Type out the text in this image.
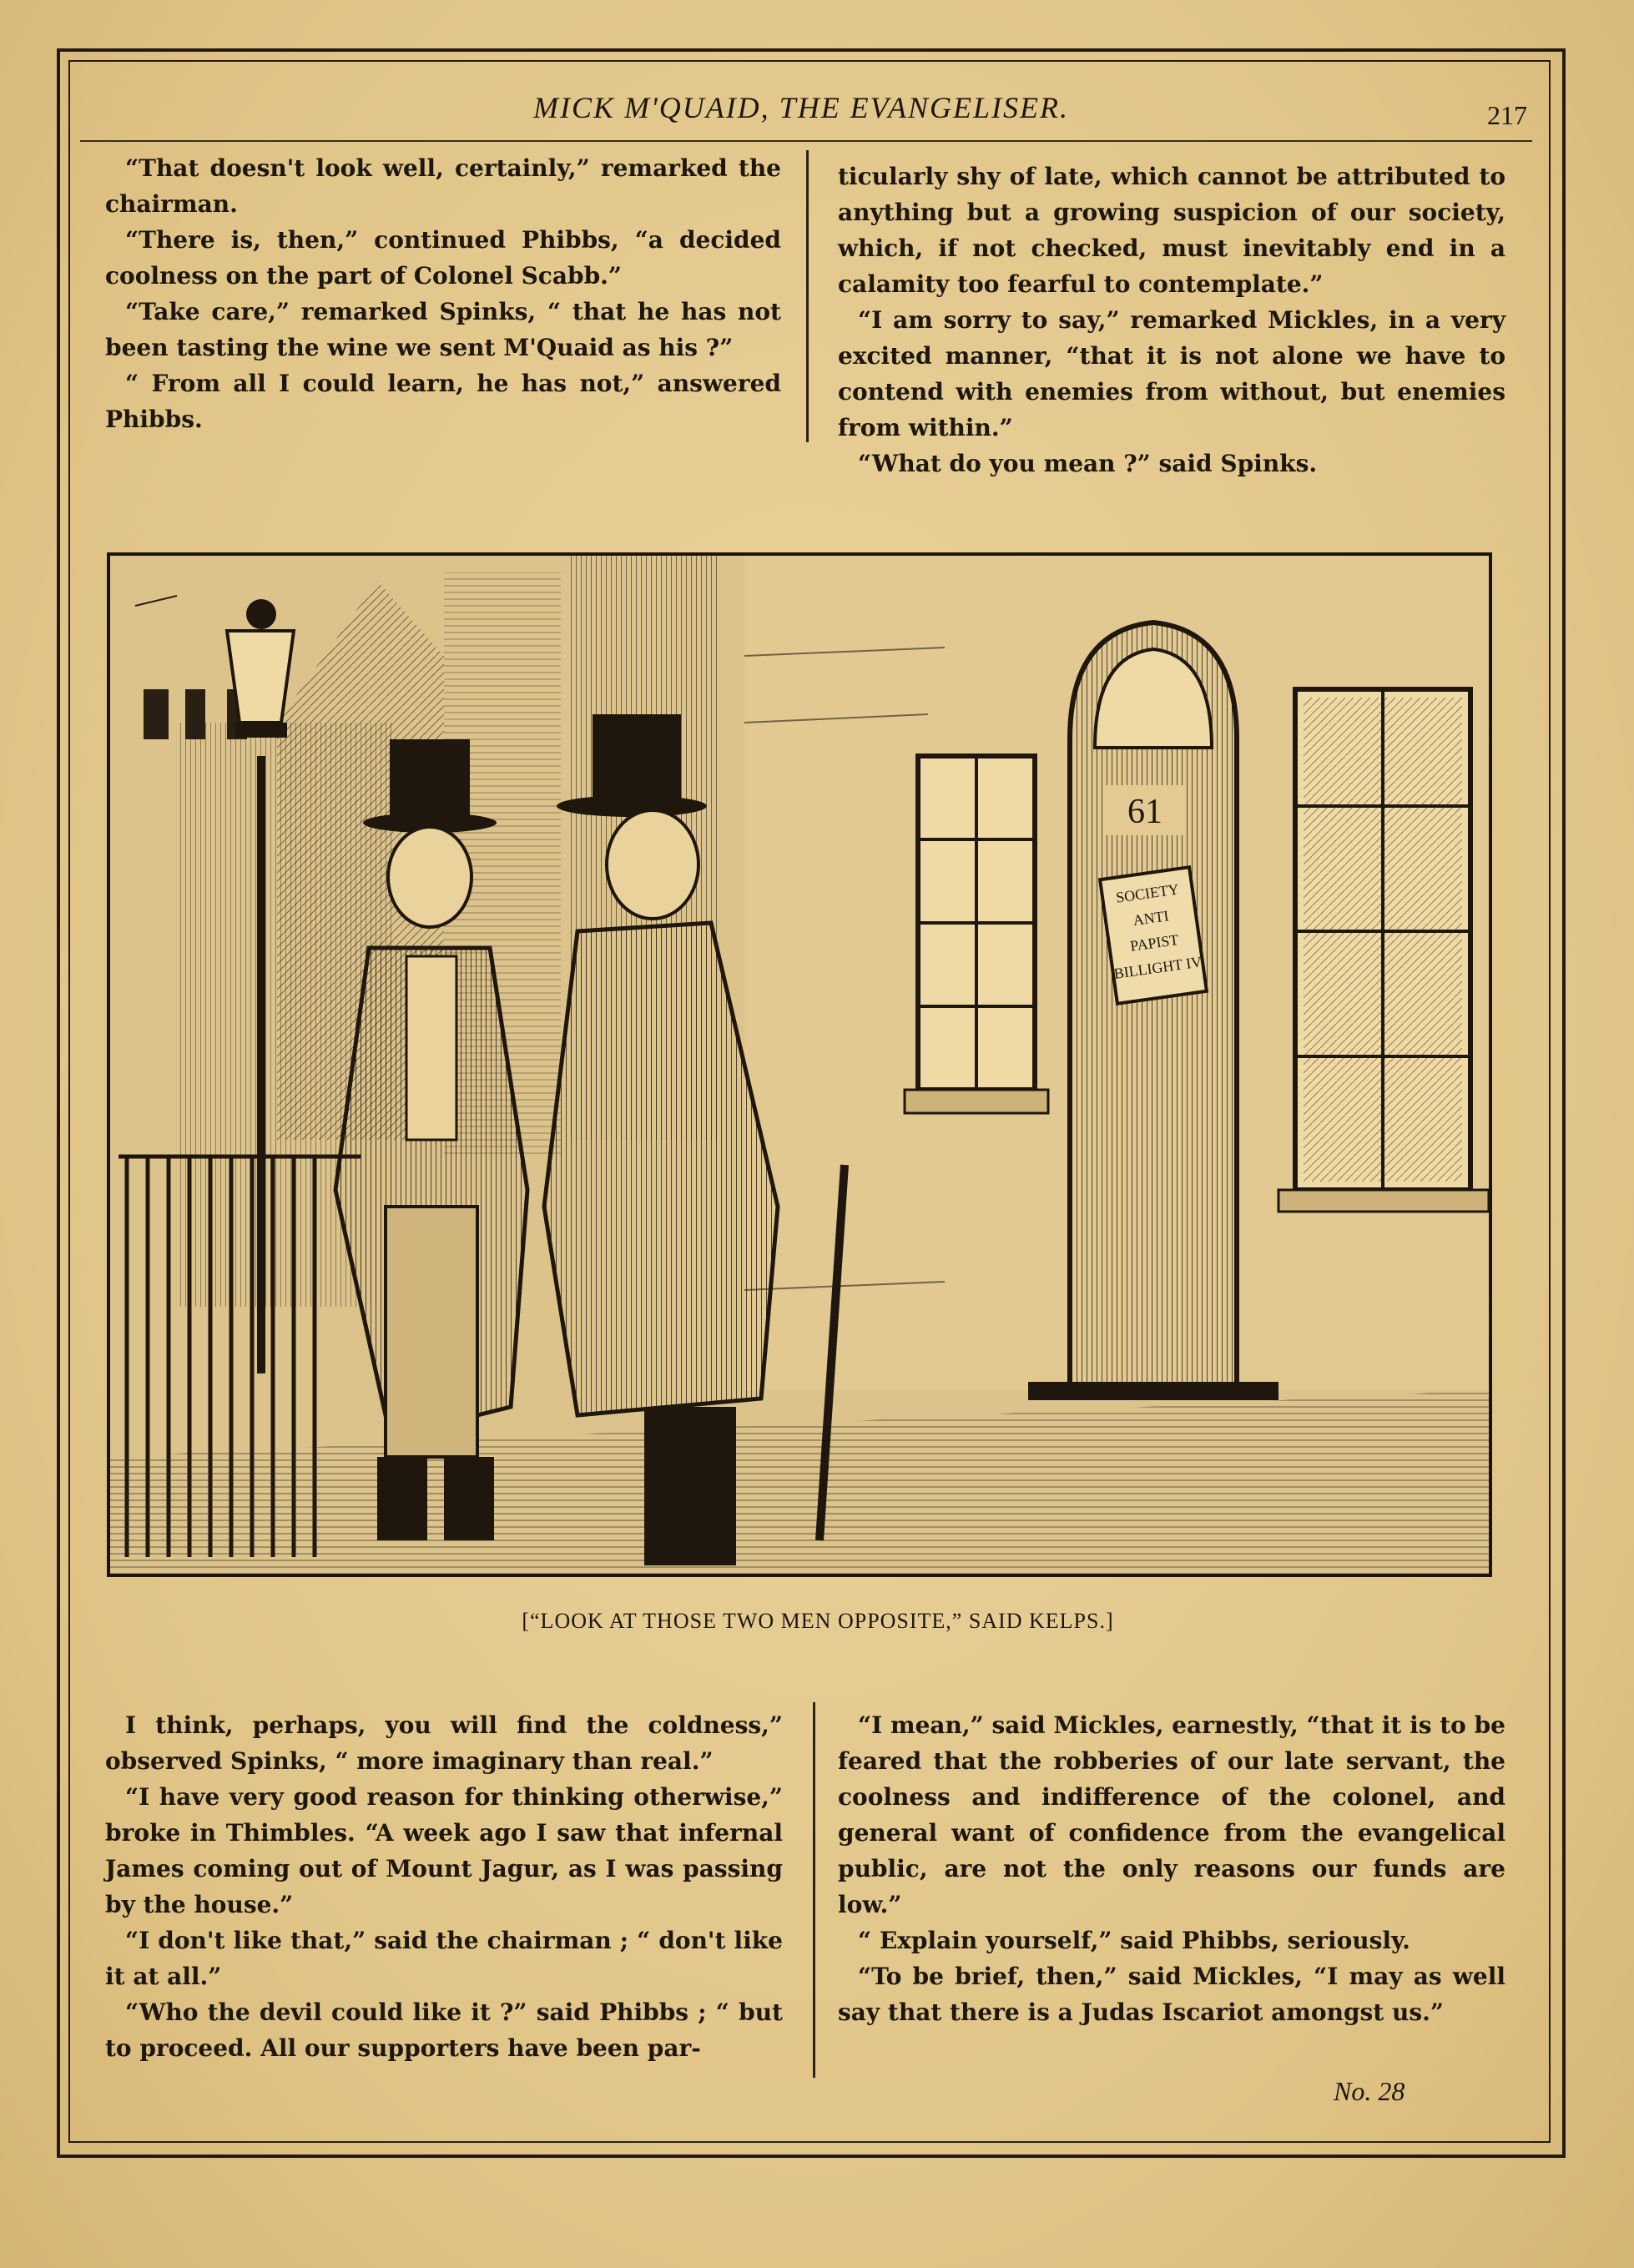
MICK M'QUAID, THE EVANGELISER.	217

“That doesn't look well, certainly,” remarked the chairman.

“There is, then,” continued Phibbs, “a decided coolness on the part of Colonel Scabb.”

“Take care,” remarked Spinks, “ that he has not been tasting the wine we sent M'Quaid as his ?”

“ From all I could learn, he has not,” answered Phibbs.

ticularly shy of late, which cannot be attributed to anything but a growing suspicion of our society, which, if not checked, must inevitably end in a calamity too fearful to contemplate.”

“I am sorry to say,” remarked Mickles, in a very excited manner, “that it is not alone we have to contend with enemies from without, but enemies from within.”

“What do you mean ?” said Spinks.

61
SOCIETY
ANTI
PAPIST
BILLIGHT IV
[“LOOK AT THOSE TWO MEN OPPOSITE,” SAID KELPS.]

I think, perhaps, you will find the coldness,” observed Spinks, “ more imaginary than real.”

“I have very good reason for thinking otherwise,” broke in Thimbles. “A week ago I saw that infernal James coming out of Mount Jagur, as I was passing by the house.”

“I don't like that,” said the chairman ; “ don't like it at all.”

“Who the devil could like it ?” said Phibbs ; “ but to proceed. All our supporters have been par-

“I mean,” said Mickles, earnestly, “that it is to be feared that the robberies of our late servant, the coolness and indifference of the colonel, and general want of confidence from the evangelical public, are not the only reasons our funds are low.”

“ Explain yourself,” said Phibbs, seriously.

“To be brief, then,” said Mickles, “I may as well say that there is a Judas Iscariot amongst us.”

No. 28
